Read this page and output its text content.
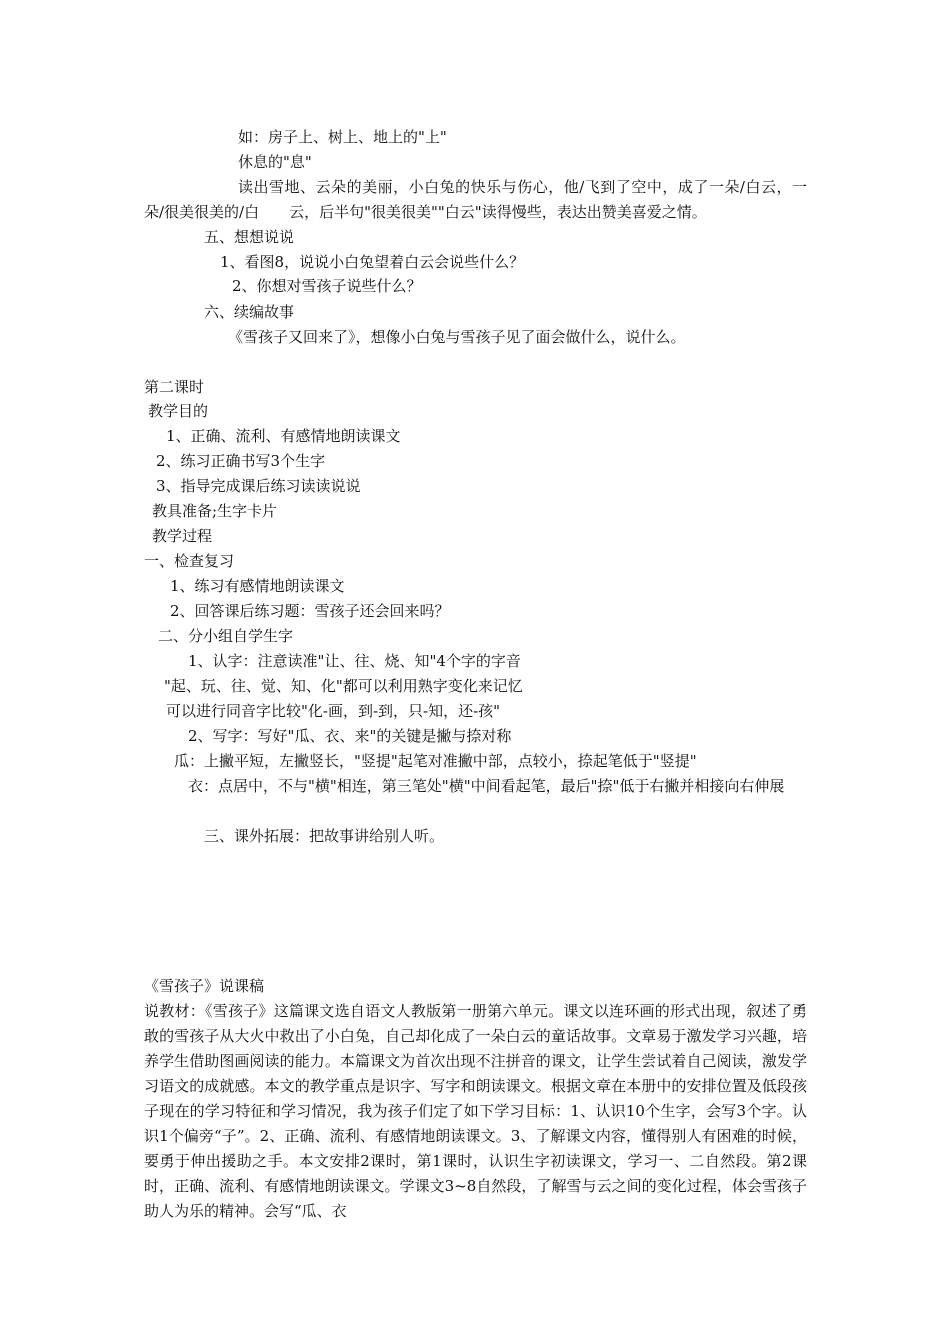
如：房子上、树上、地上的"上"

休息的"息"

读出雪地、云朵的美丽，小白兔的快乐与伤心，他/飞到了空中，成了一朵/白云，一朵/很美很美的/白　　云，后半句"很美很美""白云"读得慢些，表达出赞美喜爱之情。

五、想想说说

1、看图8，说说小白兔望着白云会说些什么？

2、你想对雪孩子说些什么？

六、续编故事

《雪孩子又回来了》，想像小白兔与雪孩子见了面会做什么，说什么。

第二课时

教学目的

1、正确、流利、有感情地朗读课文

2、练习正确书写3个生字

3、指导完成课后练习读读说说

教具准备;生字卡片

教学过程

一、检查复习

1、练习有感情地朗读课文

2、回答课后练习题：雪孩子还会回来吗？

二、分小组自学生字

1、认字：注意读准"让、往、烧、知"4个字的字音

"起、玩、往、觉、知、化"都可以利用熟字变化来记忆

可以进行同音字比较"化-画，到-到，只-知，还-孩"

2、写字：写好"瓜、衣、来"的关键是撇与捺对称

瓜：上撇平短，左撇竖长，"竖提"起笔对准撇中部，点较小，捺起笔低于"竖提"

衣：点居中，不与"横"相连，第三笔处"横"中间看起笔，最后"捺"低于右撇并相接向右伸展

三、课外拓展：把故事讲给别人听。

《雪孩子》说课稿

说教材：《雪孩子》这篇课文选自语文人教版第一册第六单元。课文以连环画的形式出现，叙述了勇敢的雪孩子从大火中救出了小白兔，自己却化成了一朵白云的童话故事。文章易于激发学习兴趣，培养学生借助图画阅读的能力。本篇课文为首次出现不注拼音的课文，让学生尝试着自己阅读，激发学习语文的成就感。本文的教学重点是识字、写字和朗读课文。根据文章在本册中的安排位置及低段孩子现在的学习特征和学习情况，我为孩子们定了如下学习目标：1、认识10个生字，会写3个字。认识1个偏旁“子”。2、正确、流利、有感情地朗读课文。3、了解课文内容，懂得别人有困难的时候，要勇于伸出援助之手。本文安排2课时，第1课时，认识生字初读课文，学习一、二自然段。第2课时，正确、流利、有感情地朗读课文。学课文3~8自然段，了解雪与云之间的变化过程，体会雪孩子助人为乐的精神。会写“瓜、衣
